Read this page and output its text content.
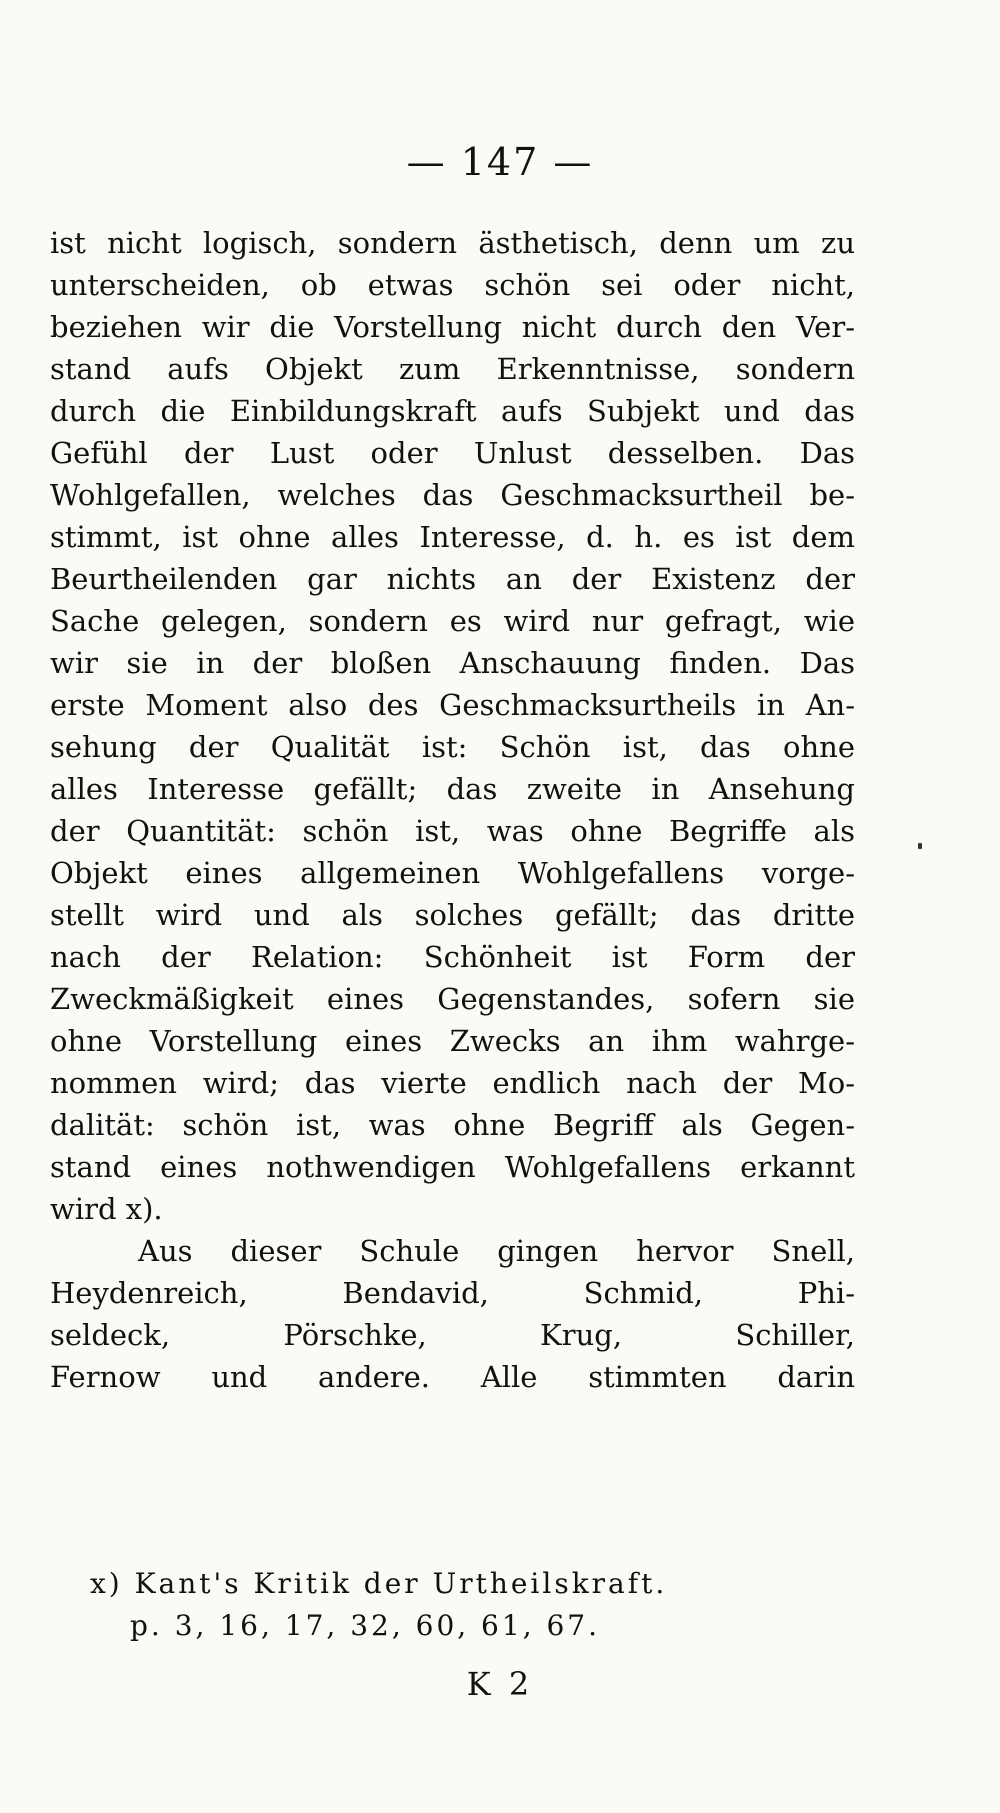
— 147 —
ist nicht logisch, sondern ästhetisch, denn um zu
unterscheiden, ob etwas schön sei oder nicht,
beziehen wir die Vorstellung nicht durch den Ver-
stand aufs Objekt zum Erkenntnisse, sondern
durch die Einbildungskraft aufs Subjekt und das
Gefühl der Lust oder Unlust desselben. Das
Wohlgefallen, welches das Geschmacksurtheil be-
stimmt, ist ohne alles Interesse, d. h. es ist dem
Beurtheilenden gar nichts an der Existenz der
Sache gelegen, sondern es wird nur gefragt, wie
wir sie in der bloßen Anschauung finden. Das
erste Moment also des Geschmacksurtheils in An-
sehung der Qualität ist: Schön ist, das ohne
alles Interesse gefällt; das zweite in Ansehung
der Quantität: schön ist, was ohne Begriffe als
Objekt eines allgemeinen Wohlgefallens vorge-
stellt wird und als solches gefällt; das dritte
nach der Relation: Schönheit ist Form der
Zweckmäßigkeit eines Gegenstandes, sofern sie
ohne Vorstellung eines Zwecks an ihm wahrge-
nommen wird; das vierte endlich nach der Mo-
dalität: schön ist, was ohne Begriff als Gegen-
stand eines nothwendigen Wohlgefallens erkannt
wird x).
Aus dieser Schule gingen hervor Snell,
Heydenreich, Bendavid, Schmid, Phi-
seldeck, Pörschke, Krug, Schiller,
Fernow und andere. Alle stimmten darin
x) Kant's Kritik der Urtheilskraft.
p. 3, 16, 17, 32, 60, 61, 67.
K 2
